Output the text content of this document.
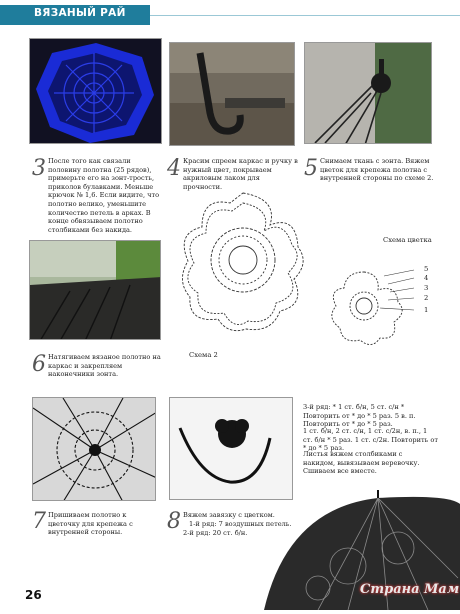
ВЯЗАНЫЙ РАЙ
3 После того как связали половину полотна (25 рядов), примерьте его на зонт-трость, приколов булавками. Меньше крючок № 1,6. Если видите, что полотно велико, уменьшите количество петель в арках. В конце обвязываем полотно столбиками без накида.
4 Красим спреем каркас и ручку в нужный цвет, покрываем акриловым лаком для прочности.
5 Снимаем ткань с зонта. Вяжем цветок для крепежа полотна с внутренней стороны по схеме 2.
6 Натягиваем вязаное полотно на каркас и закрепляем наконечники зонта.
Схема 2
Схема цветка
5
4
3
2
1
7 Пришиваем полотно к цветочку для крепежа с внутренней стороны.	8 Вяжем завязку с цветком.
1-й ряд: 7 воздушных петель.
2-й ряд: 20 ст. б/н.
3-й ряд: * 1 ст. б/н, 5 ст. с/н * Повторить от * до * 5 раз. 5 в. п. Повторить от * до * 5 раз.
1 ст. б/н, 2 ст. с/н, 1 ст. с/2н, в. п., 1 ст. б/н * 5 раз. 1 ст. с/2н. Повторить от * до * 5 раз.
Листья вяжем столбиками с накидом, вывязываем веревочку. Сшиваем все вместе.
26	Страна Мам
